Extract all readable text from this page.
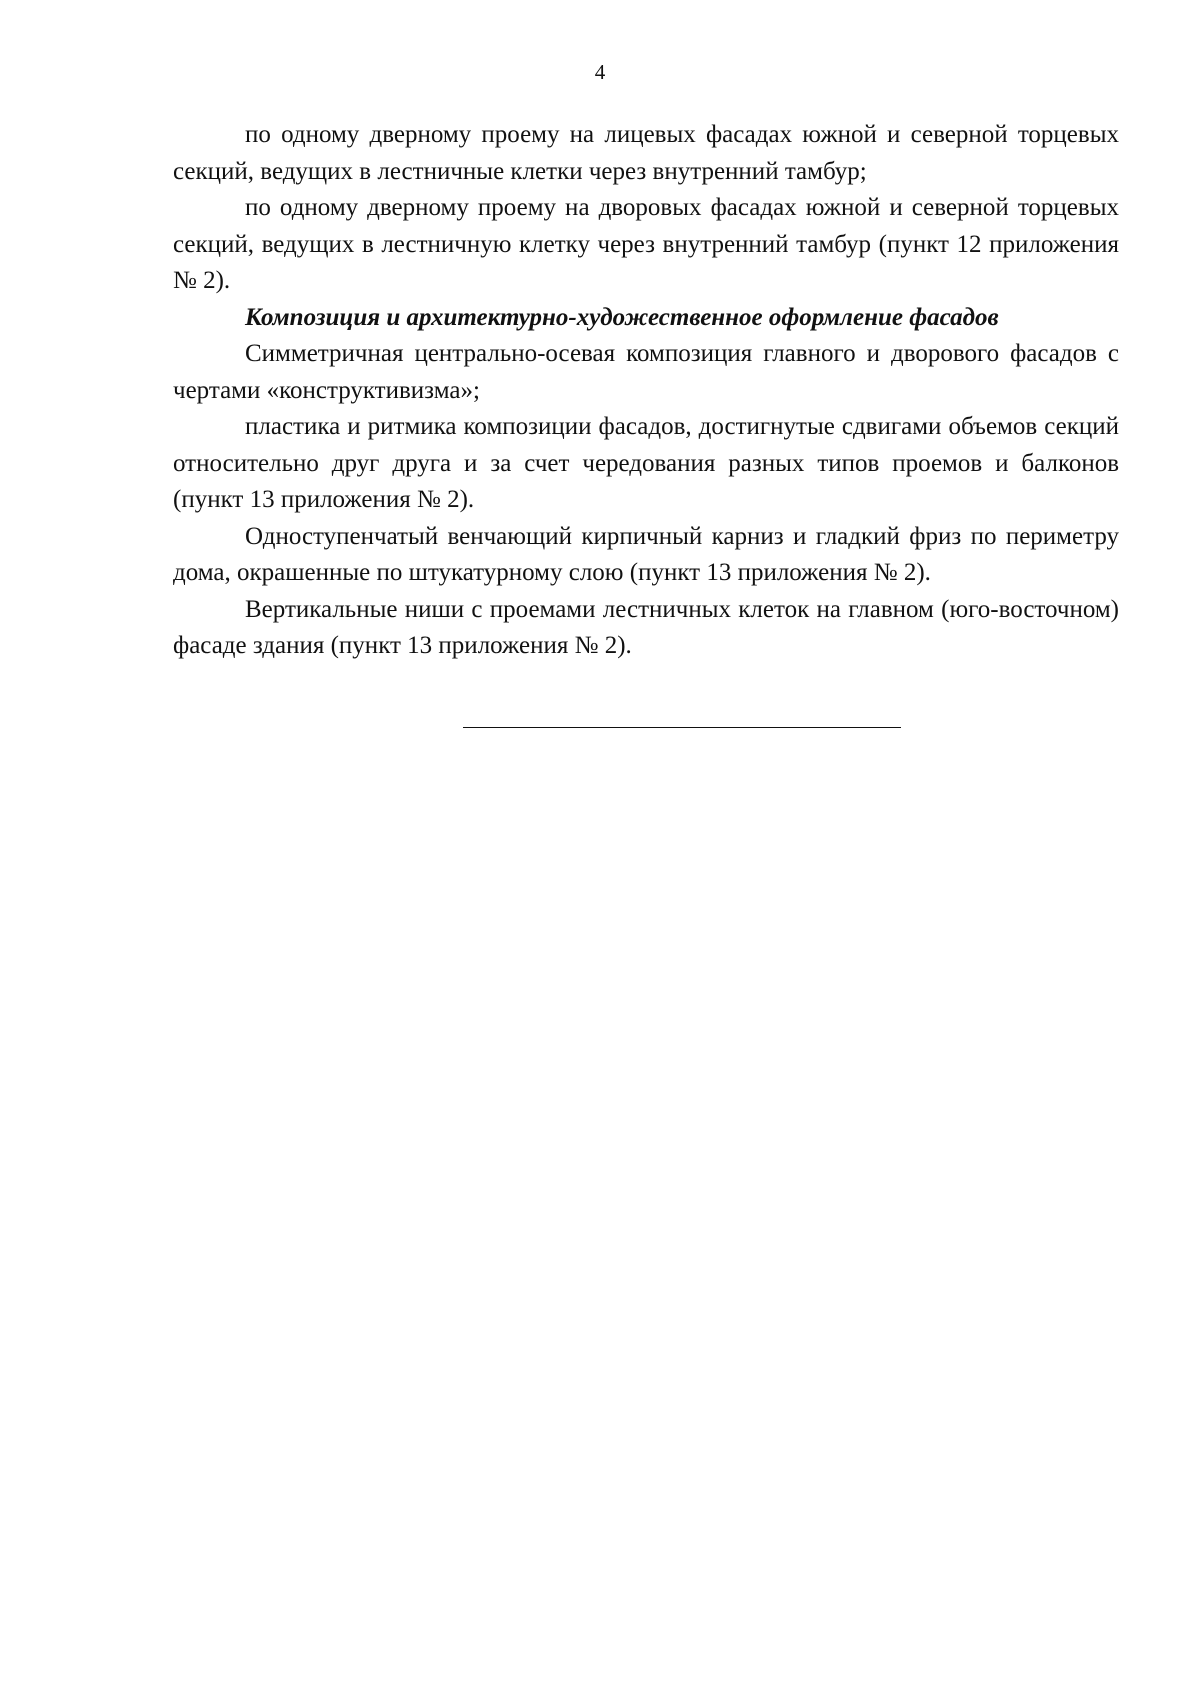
4

по одному дверному проему на лицевых фасадах южной и северной торцевых секций, ведущих в лестничные клетки через внутренний тамбур;

по одному дверному проему на дворовых фасадах южной и северной торцевых секций, ведущих в лестничную клетку через внутренний тамбур (пункт 12 приложения № 2).

Композиция и архитектурно-художественное оформление фасадов

Симметричная центрально-осевая композиция главного и дворового фасадов с чертами «конструктивизма»;

пластика и ритмика композиции фасадов, достигнутые сдвигами объемов секций относительно друг друга и за счет чередования разных типов проемов и балконов (пункт 13 приложения № 2).

Одноступенчатый венчающий кирпичный карниз и гладкий фриз по периметру дома, окрашенные по штукатурному слою (пункт 13 приложения № 2).

Вертикальные ниши с проемами лестничных клеток на главном (юго-восточном) фасаде здания (пункт 13 приложения № 2).
